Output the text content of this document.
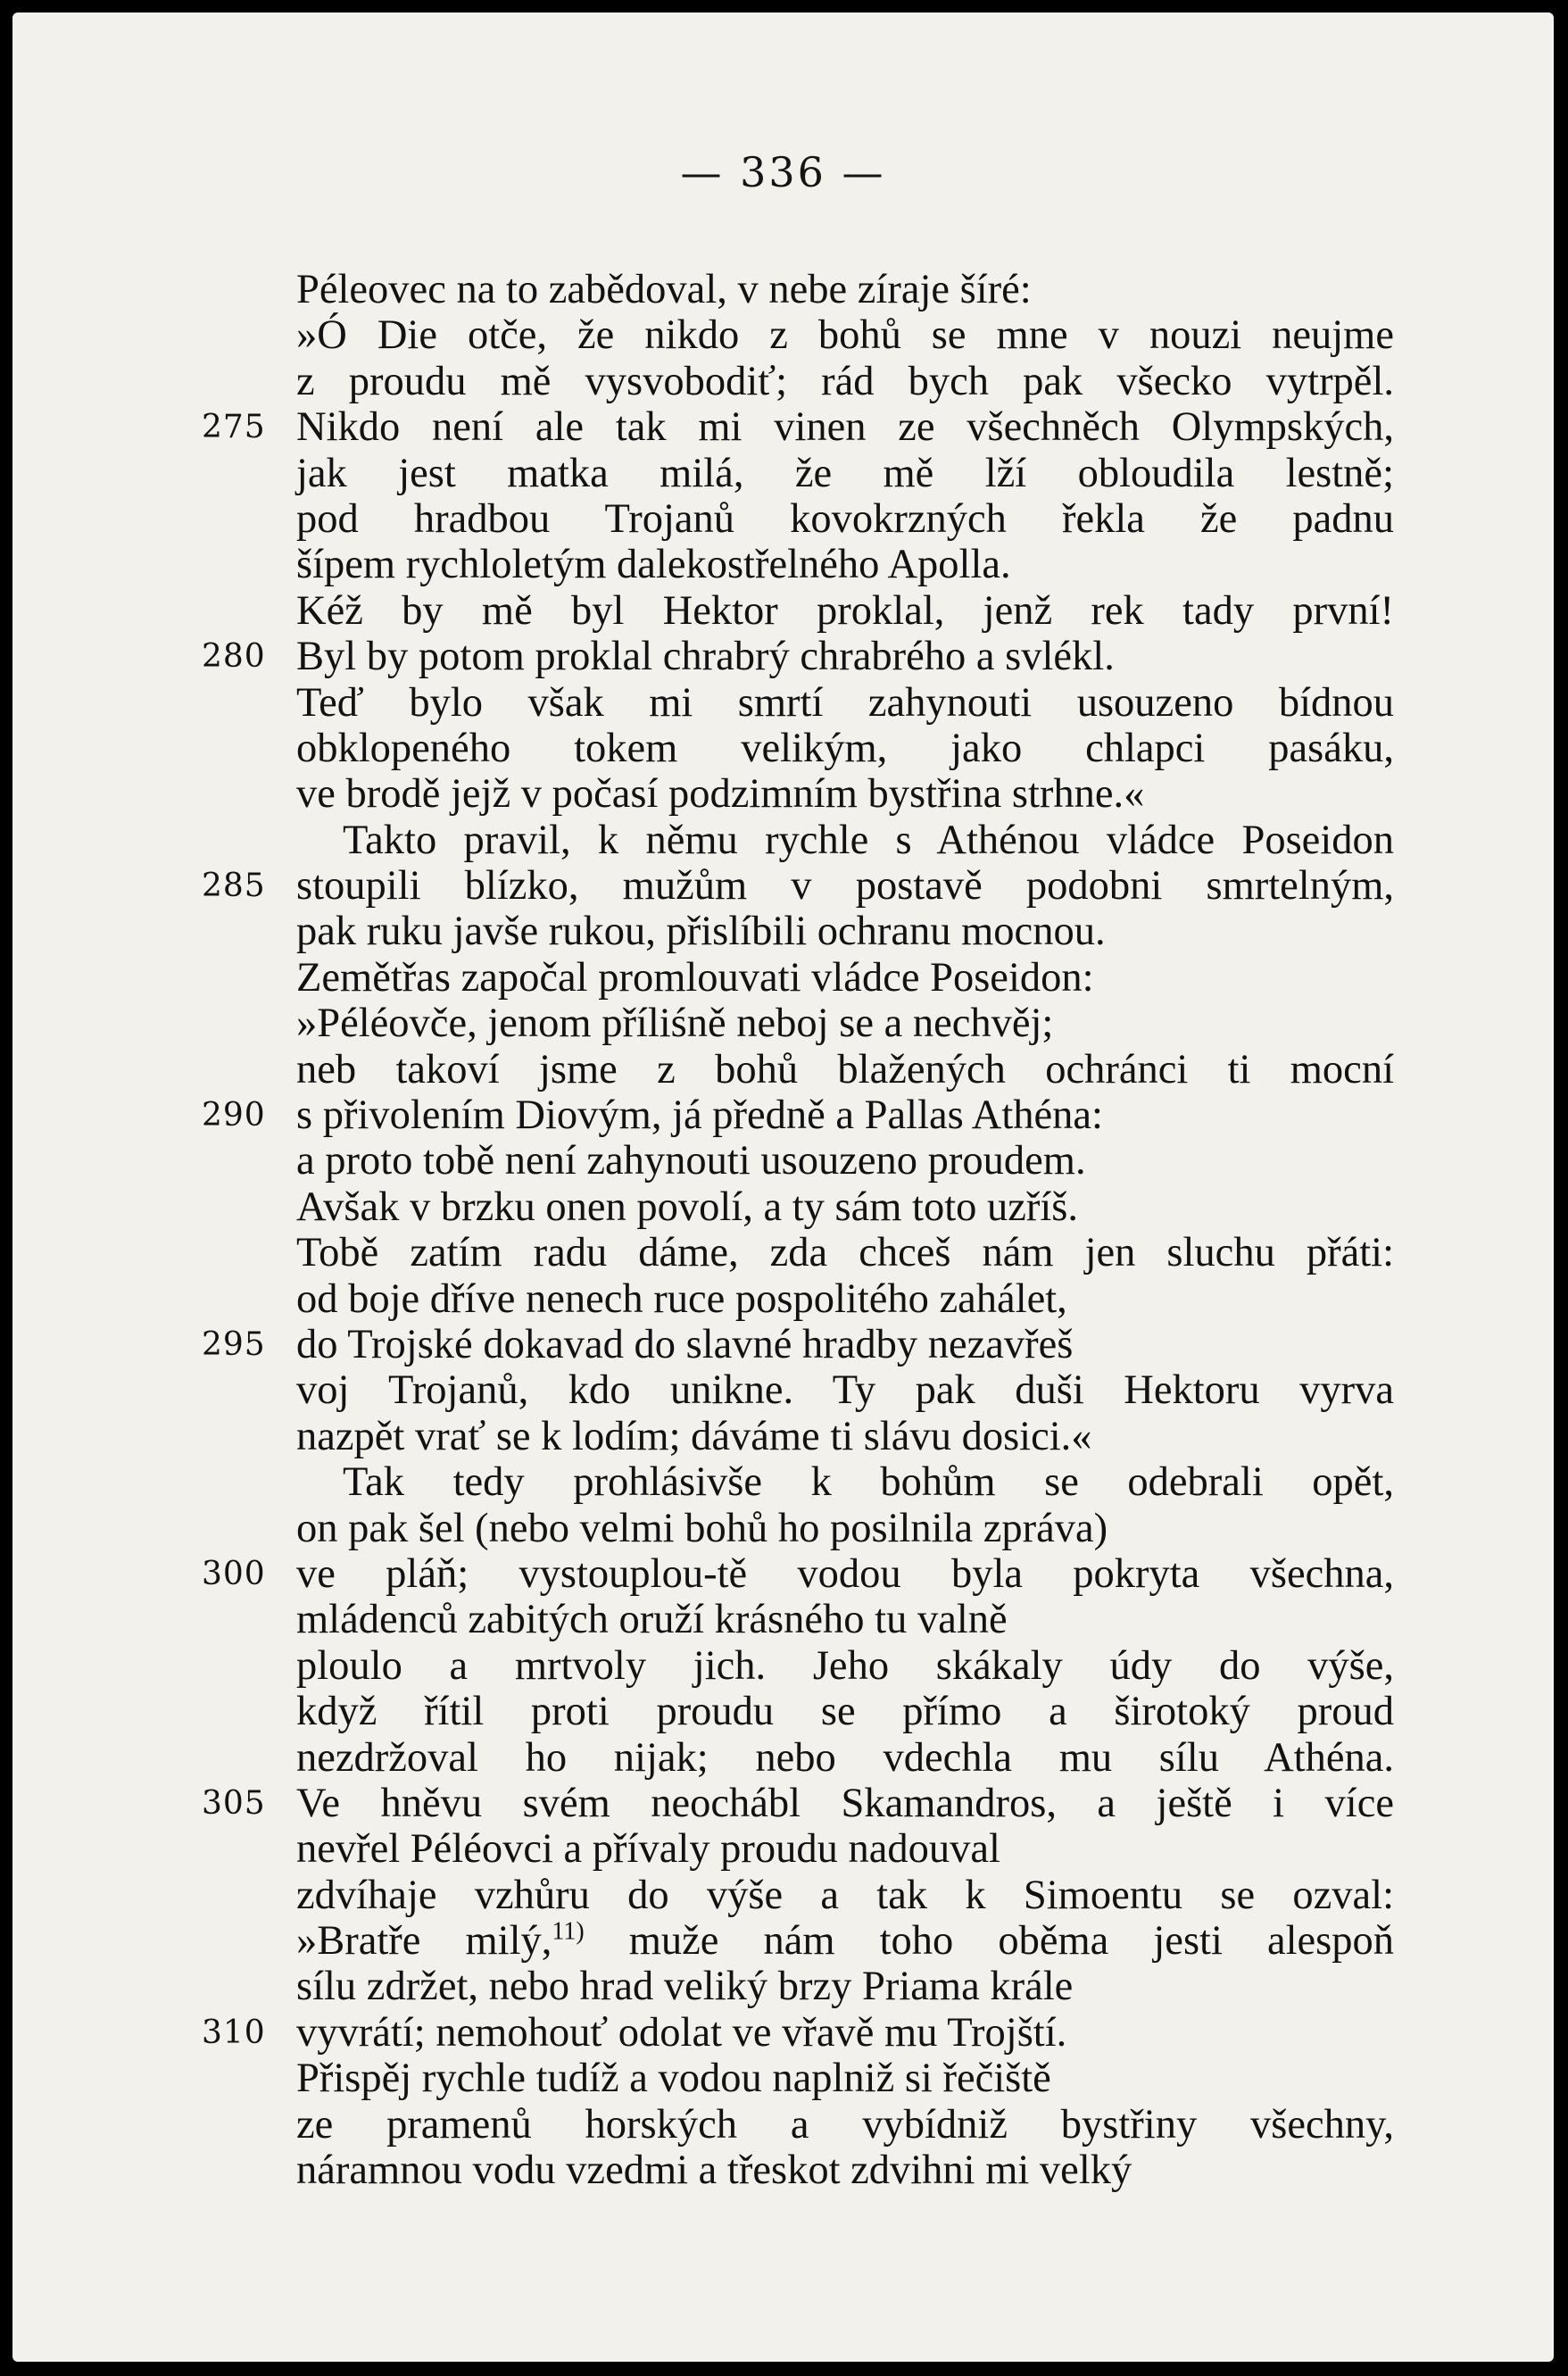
— 336 —
Péleovec na to zabědoval, v nebe zíraje šíré:
»Ó Die otče, že nikdo z bohů se mne v nouzi neujme
z proudu mě vysvobodiť; rád bych pak všecko vytrpěl.
275 Nikdo není ale tak mi vinen ze všechněch Olympských,
jak jest matka milá, že mě lží obloudila lestně;
pod hradbou Trojanů kovokrzných řekla že padnu
šípem rychloletým dalekostřelného Apolla.
Kéž by mě byl Hektor proklal, jenž rek tady první!
280 Byl by potom proklal chrabrý chrabrého a svlékl.
Teď bylo však mi smrtí zahynouti usouzeno bídnou
obklopeného tokem velikým, jako chlapci pasáku,
ve brodě jejž v počasí podzimním bystřina strhne.«
Takto pravil, k němu rychle s Athénou vládce Poseidon
285 stoupili blízko, mužům v postavě podobni smrtelným,
pak ruku javše rukou, přislíbili ochranu mocnou.
Zemětřas započal promlouvati vládce Poseidon:
»Péléovče, jenom příliśně neboj se a nechvěj;
neb takoví jsme z bohů blažených ochránci ti mocní
290 s přivolením Diovým, já předně a Pallas Athéna:
a proto tobě není zahynouti usouzeno proudem.
Avšak v brzku onen povolí, a ty sám toto uzříš.
Tobě zatím radu dáme, zda chceš nám jen sluchu přáti:
od boje dříve nenech ruce pospolitého zahálet,
295 do Trojské dokavad do slavné hradby nezavřeš
voj Trojanů, kdo unikne. Ty pak duši Hektoru vyrva
nazpět vrať se k lodím; dáváme ti slávu dosici.«
Tak tedy prohlásivše k bohům se odebrali opět,
on pak šel (nebo velmi bohů ho posilnila zpráva)
300 ve pláň; vystouplou-tě vodou byla pokryta všechna,
mládenců zabitých oruží krásného tu valně
ploulo a mrtvoly jich. Jeho skákaly údy do výše,
když řítil proti proudu se přímo a širotoký proud
nezdržoval ho nijak; nebo vdechla mu sílu Athéna.
305 Ve hněvu svém neochábl Skamandros, a ještě i více
nevřel Péléovci a přívaly proudu nadouval
zdvíhaje vzhůru do výše a tak k Simoentu se ozval:
»Bratře milý,$^{11)}$ muže nám toho oběma jesti alespoň
sílu zdržet, nebo hrad veliký brzy Priama krále
310 vyvrátí; nemohouť odolat ve vřavě mu Trojští.
Přispěj rychle tudíž a vodou naplniž si řečiště
ze pramenů horských a vybídniž bystřiny všechny,
náramnou vodu vzedmi a třeskot zdvihni mi velký
